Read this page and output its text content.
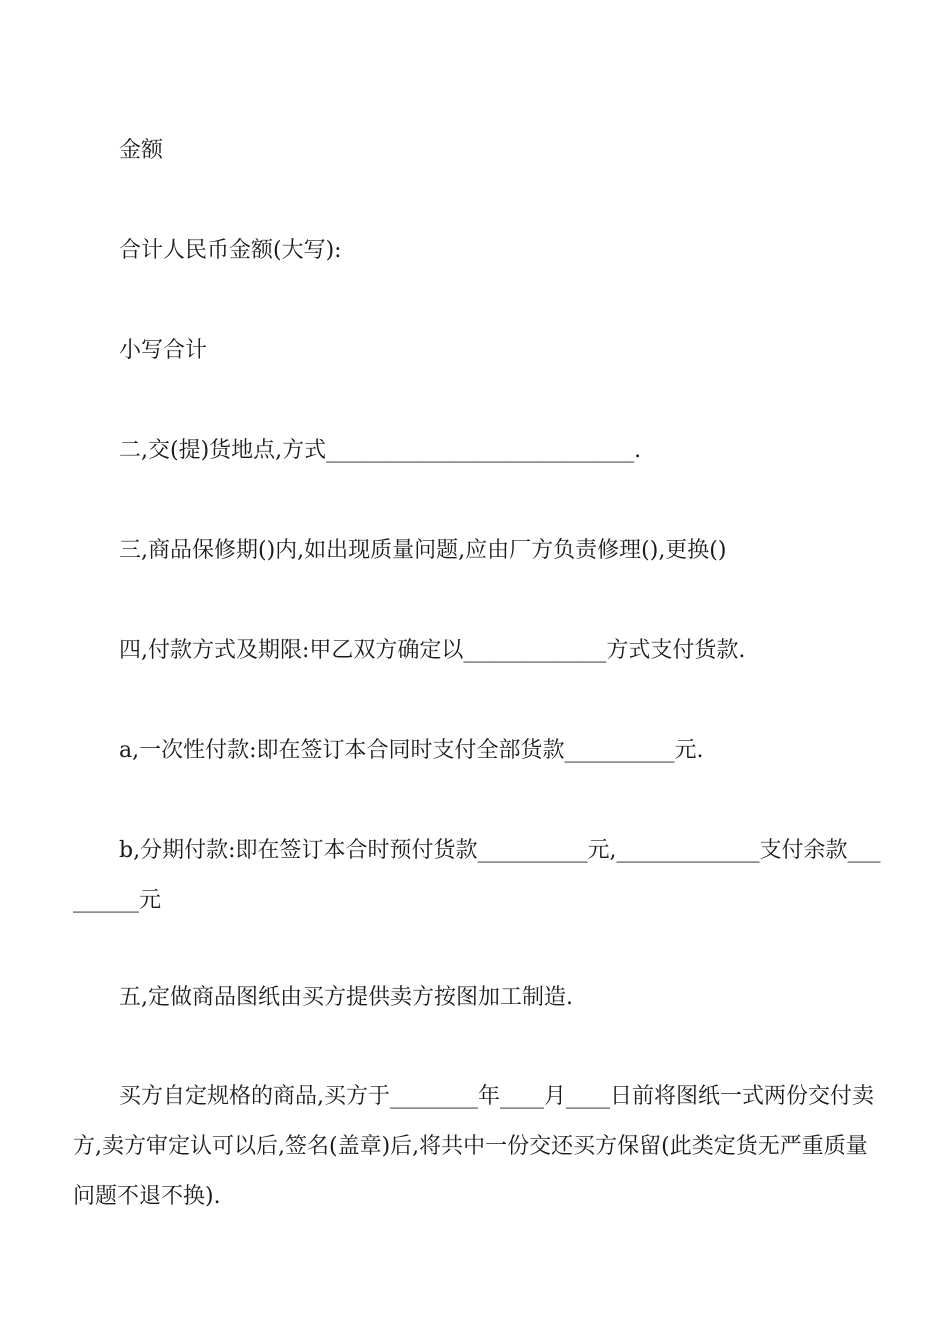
金额

合计人民币金额(大写):

小写合计

二,交(提)货地点,方式____________________________.

三,商品保修期()内,如出现质量问题,应由厂方负责修理(),更换()

四,付款方式及期限:甲乙双方确定以_____________方式支付货款.

a,一次性付款:即在签订本合同时支付全部货款__________元.

b,分期付款:即在签订本合时预付货款__________元,_____________支付余款_________元

五,定做商品图纸由买方提供卖方按图加工制造.

买方自定规格的商品,买方于________年____月____日前将图纸一式两份交付卖方,卖方审定认可以后,签名(盖章)后,将共中一份交还买方保留(此类定货无严重质量问题不退不换).
